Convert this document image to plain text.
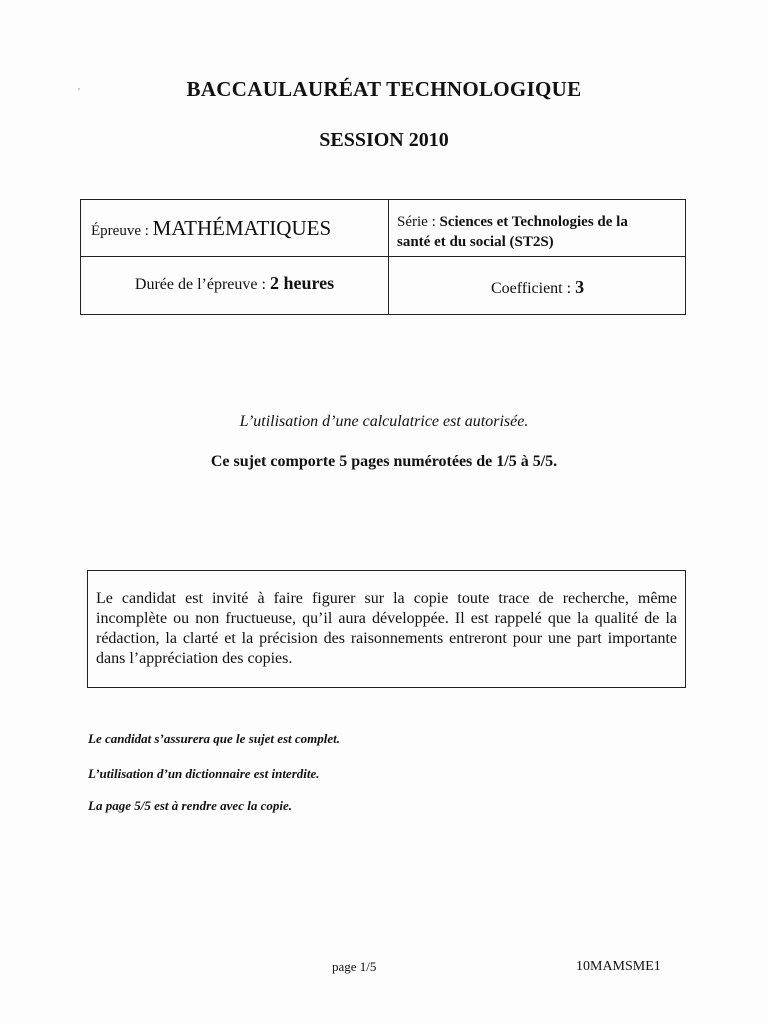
BACCAULAURÉAT TECHNOLOGIQUE
SESSION 2010
Épreuve : MATHÉMATIQUES	Série : Sciences et Technologies de la
santé et du social (ST2S)
Durée de l’épreuve : 2 heures	Coefficient : 3
L’utilisation d’une calculatrice est autorisée.
Ce sujet comporte 5 pages numérotées de 1/5 à 5/5.
Le candidat est invité à faire figurer sur la copie toute trace de recherche, même incomplète ou non fructueuse, qu’il aura développée. Il est rappelé que la qualité de la rédaction, la clarté et la précision des raisonnements entreront pour une part importante dans l’appréciation des copies.
Le candidat s’assurera que le sujet est complet.
L’utilisation d’un dictionnaire est interdite.
La page 5/5 est à rendre avec la copie.
page 1/5	10MAMSME1
